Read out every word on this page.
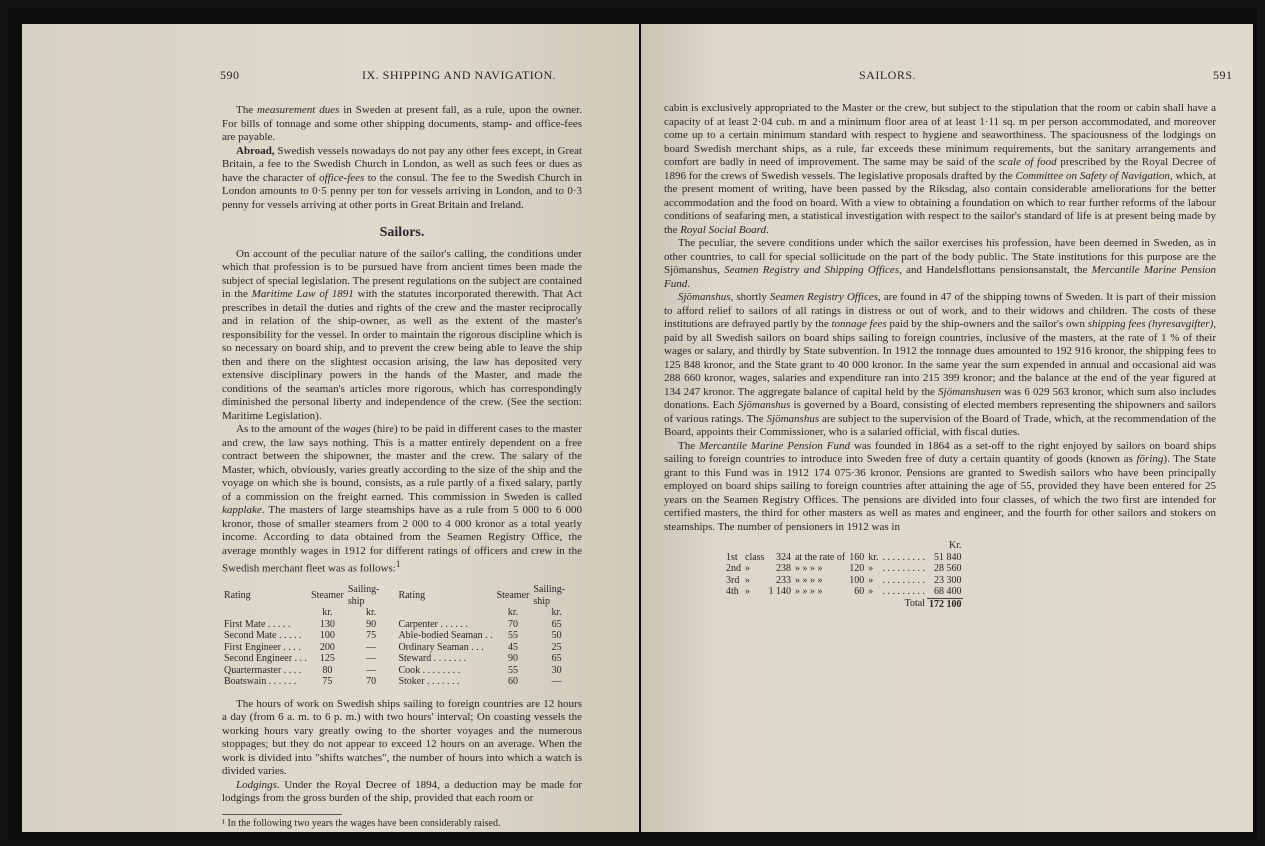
590	IX. SHIPPING AND NAVIGATION.

The measurement dues in Sweden at present fall, as a rule, upon the owner. For bills of tonnage and some other shipping documents, stamp- and office-fees are payable.

Abroad, Swedish vessels nowadays do not pay any other fees except, in Great Britain, a fee to the Swedish Church in London, as well as such fees or dues as have the character of office-fees to the consul. The fee to the Swedish Church in London amounts to 0·5 penny per ton for vessels arriving in London, and to 0·3 penny for vessels arriving at other ports in Great Britain and Ireland.

Sailors.

On account of the peculiar nature of the sailor's calling, the conditions under which that profession is to be pursued have from ancient times been made the subject of special legislation. The present regulations on the subject are contained in the Maritime Law of 1891 with the statutes incorporated therewith. That Act prescribes in detail the duties and rights of the crew and the master reciprocally and in relation of the ship-owner, as well as the extent of the master's responsibility for the vessel. In order to maintain the rigorous discipline which is so necessary on board ship, and to prevent the crew being able to leave the ship then and there on the slightest occasion arising, the law has deposited very extensive disciplinary powers in the hands of the Master, and made the conditions of the seaman's articles more rigorous, which has correspondingly diminished the personal liberty and independence of the crew. (See the section: Maritime Legislation).

As to the amount of the wages (hire) to be paid in different cases to the master and crew, the law says nothing. This is a matter entirely dependent on a free contract between the shipowner, the master and the crew. The salary of the Master, which, obviously, varies greatly according to the size of the ship and the voyage on which she is bound, consists, as a rule partly of a fixed salary, partly of a commission on the freight earned. This commission in Sweden is called kapplake. The masters of large steamships have as a rule from 5 000 to 6 000 kronor, those of smaller steamers from 2 000 to 4 000 kronor as a total yearly income. According to data obtained from the Seamen Registry Office, the average monthly wages in 1912 for different ratings of officers and crew in the Swedish merchant fleet was as follows:$^1$

Rating	Steamer	Sailing-ship	Rating	Steamer	Sailing-ship
	kr.	kr.		kr.	kr.
First Mate . . . . .	130	90	Carpenter . . . . . .	70	65
Second Mate . . . . .	100	75	Able-bodied Seaman . .	55	50
First Engineer . . . .	200	—	Ordinary Seaman . . .	45	25
Second Engineer . . .	125	—	Steward . . . . . . .	90	65
Quartermaster . . . .	80	—	Cook . . . . . . . .	55	30
Boatswain . . . . . .	75	70	Stoker . . . . . . .	60	—

The hours of work on Swedish ships sailing to foreign countries are 12 hours a day (from 6 a. m. to 6 p. m.) with two hours' interval; On coasting vessels the working hours vary greatly owing to the shorter voyages and the numerous stoppages; but they do not appear to exceed 12 hours on an average. When the work is divided into "shifts watches", the number of hours into which a watch is divided varies.

Lodgings. Under the Royal Decree of 1894, a deduction may be made for lodgings from the gross burden of the ship, provided that each room or

¹ In the following two years the wages have been considerably raised.
SAILORS.	591

cabin is exclusively appropriated to the Master or the crew, but subject to the stipulation that the room or cabin shall have a capacity of at least 2·04 cub. m and a minimum floor area of at least 1·11 sq. m per person accommodated, and moreover come up to a certain minimum standard with respect to hygiene and seaworthiness. The spaciousness of the lodgings on board Swedish merchant ships, as a rule, far exceeds these minimum requirements, but the sanitary arrangements and comfort are badly in need of improvement. The same may be said of the scale of food prescribed by the Royal Decree of 1896 for the crews of Swedish vessels. The legislative proposals drafted by the Committee on Safety of Navigation, which, at the present moment of writing, have been passed by the Riksdag, also contain considerable ameliorations for the better accommodation and the food on board. With a view to obtaining a foundation on which to rear further reforms of the labour conditions of seafaring men, a statistical investigation with respect to the sailor's standard of life is at present being made by the Royal Social Board.

The peculiar, the severe conditions under which the sailor exercises his profession, have been deemed in Sweden, as in other countries, to call for special sollicitude on the part of the body public. The State institutions for this purpose are the Sjömanshus, Seamen Registry and Shipping Offices, and Handelsflottans pensionsanstalt, the Mercantile Marine Pension Fund.

Sjömanshus, shortly Seamen Registry Offices, are found in 47 of the shipping towns of Sweden. It is part of their mission to afford relief to sailors of all ratings in distress or out of work, and to their widows and children. The costs of these institutions are defrayed partly by the tonnage fees paid by the ship-owners and the sailor's own shipping fees (hyresavgifter), paid by all Swedish sailors on board ships sailing to foreign countries, inclusive of the masters, at the rate of 1 % of their wages or salary, and thirdly by State subvention. In 1912 the tonnage dues amounted to 192 916 kronor, the shipping fees to 125 848 kronor, and the State grant to 40 000 kronor. In the same year the sum expended in annual and occasional aid was 288 660 kronor, wages, salaries and expenditure ran into 215 399 kronor; and the balance at the end of the year figured at 134 247 kronor. The aggregate balance of capital held by the Sjömanshusen was 6 029 563 kronor, which sum also includes donations. Each Sjömanshus is governed by a Board, consisting of elected members representing the shipowners and sailors of various ratings. The Sjömanshus are subject to the supervision of the Board of Trade, which, at the recommendation of the Board, appoints their Commissioner, who is a salaried official, with fiscal duties.

The Mercantile Marine Pension Fund was founded in 1864 as a set-off to the right enjoyed by sailors on board ships sailing to foreign countries to introduce into Sweden free of duty a certain quantity of goods (known as föring). The State grant to this Fund was in 1912 174 075·36 kronor. Pensions are granted to Swedish sailors who have been principally employed on board ships sailing to foreign countries after attaining the age of 55, provided they have been entered for 25 years on the Seamen Registry Offices. The pensions are divided into four classes, of which the two first are intended for certified masters, the third for other masters as well as mates and engineer, and the fourth for other sailors and stokers on steamships. The number of pensioners in 1912 was in

							Kr.
1st	class	324	at the rate of	160	kr.	. . . . . . . . .	51 840
2nd	»	238	» » » »	120	»	. . . . . . . . .	28 560
3rd	»	233	» » » »	100	»	. . . . . . . . .	23 300
4th	»	1 140	» » » »	60	»	. . . . . . . . .	68 400
Total							172 100
